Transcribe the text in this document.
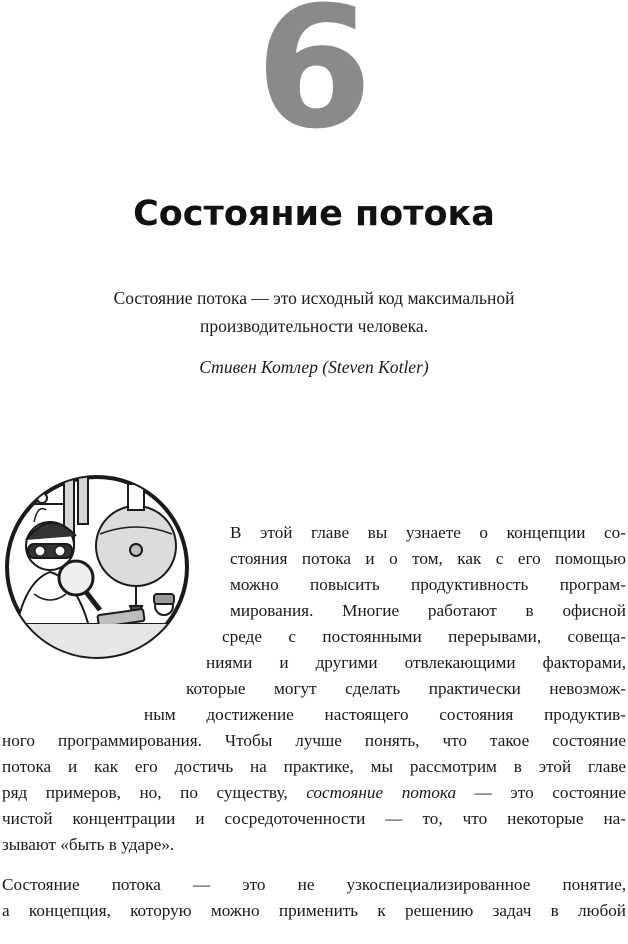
6
Состояние потока
Состояние потока — это исходный код максимальной производительности человека.
Стивен Котлер (Steven Kotler)
В этой главе вы узнаете о концепции со-
стояния потока и о том, как с его помощью
можно повысить продуктивность програм-
мирования. Многие работают в офисной
среде с постоянными перерывами, совеща-
ниями и другими отвлекающими факторами,
которые могут сделать практически невозмож-
ным достижение настоящего состояния продуктив-
ного программирования. Чтобы лучше понять, что такое состояние
потока и как его достичь на практике, мы рассмотрим в этой главе
ряд примеров, но, по существу, состояние потока — это состояние
чистой концентрации и сосредоточенности — то, что некоторые на-
зывают «быть в ударе».
Состояние потока — это не узкоспециализированное понятие,
а концепция, которую можно применить к решению задач в любой
